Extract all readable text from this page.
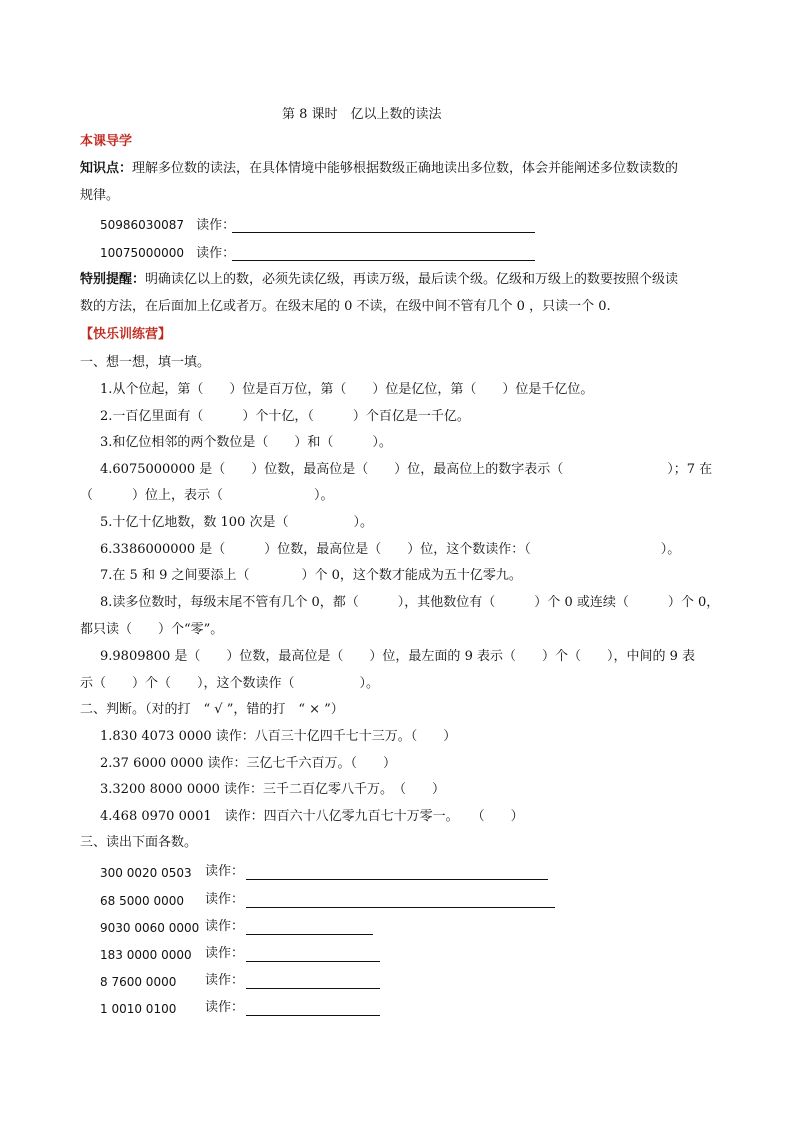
第 8 课时　亿以上数的读法
本课导学
知识点：理解多位数的读法，在具体情境中能够根据数级正确地读出多位数，体会并能阐述多位数读数的
规律。
50986030087 读作：
10075000000 读作：
特别提醒：明确读亿以上的数，必须先读亿级，再读万级，最后读个级。亿级和万级上的数要按照个级读
数的方法，在后面加上亿或者万。在级末尾的 0 不读，在级中间不管有几个 0 ，只读一个 0.
【快乐训练营】
一、想一想，填一填。
1.从个位起，第（　　）位是百万位，第（　　）位是亿位，第（　　）位是千亿位。
2.一百亿里面有（　　　）个十亿，（　　　）个百亿是一千亿。
3.和亿位相邻的两个数位是（　　）和（　　　）。
4.6075000000 是（　　）位数，最高位是（　　）位，最高位上的数字表示（　　　　　　　　）；7 在
（　　　）位上，表示（　　　　　　　）。
5.十亿十亿地数，数 100 次是（　　　　　）。
6.3386000000 是（　　　）位数，最高位是（　　）位，这个数读作：（　　　　　　　　　　）。
7.在 5 和 9 之间要添上（　　　　）个 0，这个数才能成为五十亿零九。
8.读多位数时，每级末尾不管有几个 0，都（　　　），其他数位有（　　　）个 0 或连续（　　　）个 0，
都只读（　　）个“零”。
9.9809800 是（　　）位数，最高位是（　　）位，最左面的 9 表示（　　）个（　　），中间的 9 表
示（　　）个（　　），这个数读作（　　　　　）。
二、判断。（对的打　“ √ ”，错的打　“ × ”）
1.830 4073 0000 读作：八百三十亿四千七十三万。（　　）
2.37 6000 0000 读作：三亿七千六百万。（　　）
3.3200 8000 0000 读作：三千二百亿零八千万。　（　　）
4.468 0970 0001　读作：四百六十八亿零九百七十万零一。　　（　　）
三、读出下面各数。
300 0020 0503 读作：
68 5000 0000 读作：
9030 0060 0000 读作：
183 0000 0000 读作：
8 7600 0000 读作：
1 0010 0100 读作：
